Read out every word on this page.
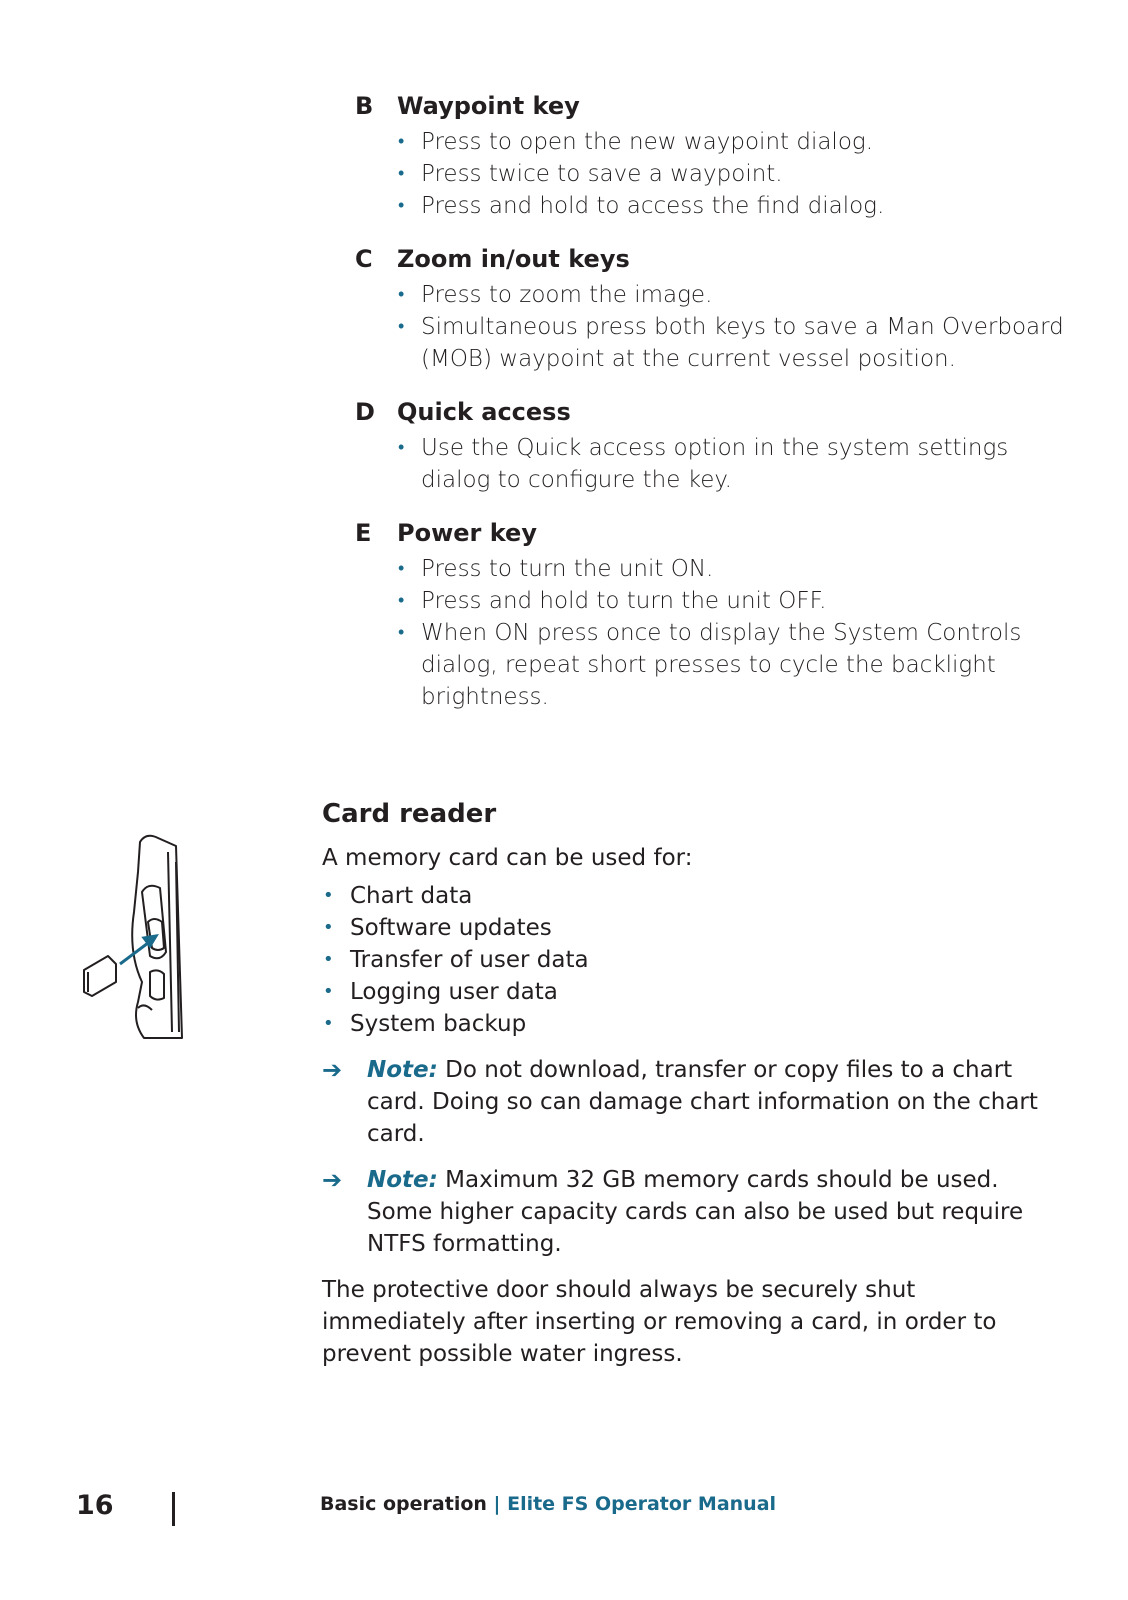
B Waypoint key
• Press to open the new waypoint dialog.
• Press twice to save a waypoint.
• Press and hold to access the find dialog.
C	Zoom in/out keys
• Press to zoom the image.
• Simultaneous press both keys to save a Man Overboard (MOB) waypoint at the current vessel position.
D Quick access
• Use the Quick access option in the system settings dialog to configure the key.
E	Power key
• Press to turn the unit ON.
• Press and hold to turn the unit OFF.
• When ON press once to display the System Controls dialog, repeat short presses to cycle the backlight brightness.
Card reader

A memory card can be used for:

• Chart data
• Software updates
• Transfer of user data
• Logging user data
• System backup
➔ Note: Do not download, transfer or copy files to a chart card. Doing so can damage chart information on the chart card.
➔ Note: Maximum 32 GB memory cards should be used. Some higher capacity cards can also be used but require NTFS formatting.

The protective door should always be securely shut immediately after inserting or removing a card, in order to prevent possible water ingress.

16	Basic operation | Elite FS Operator Manual
